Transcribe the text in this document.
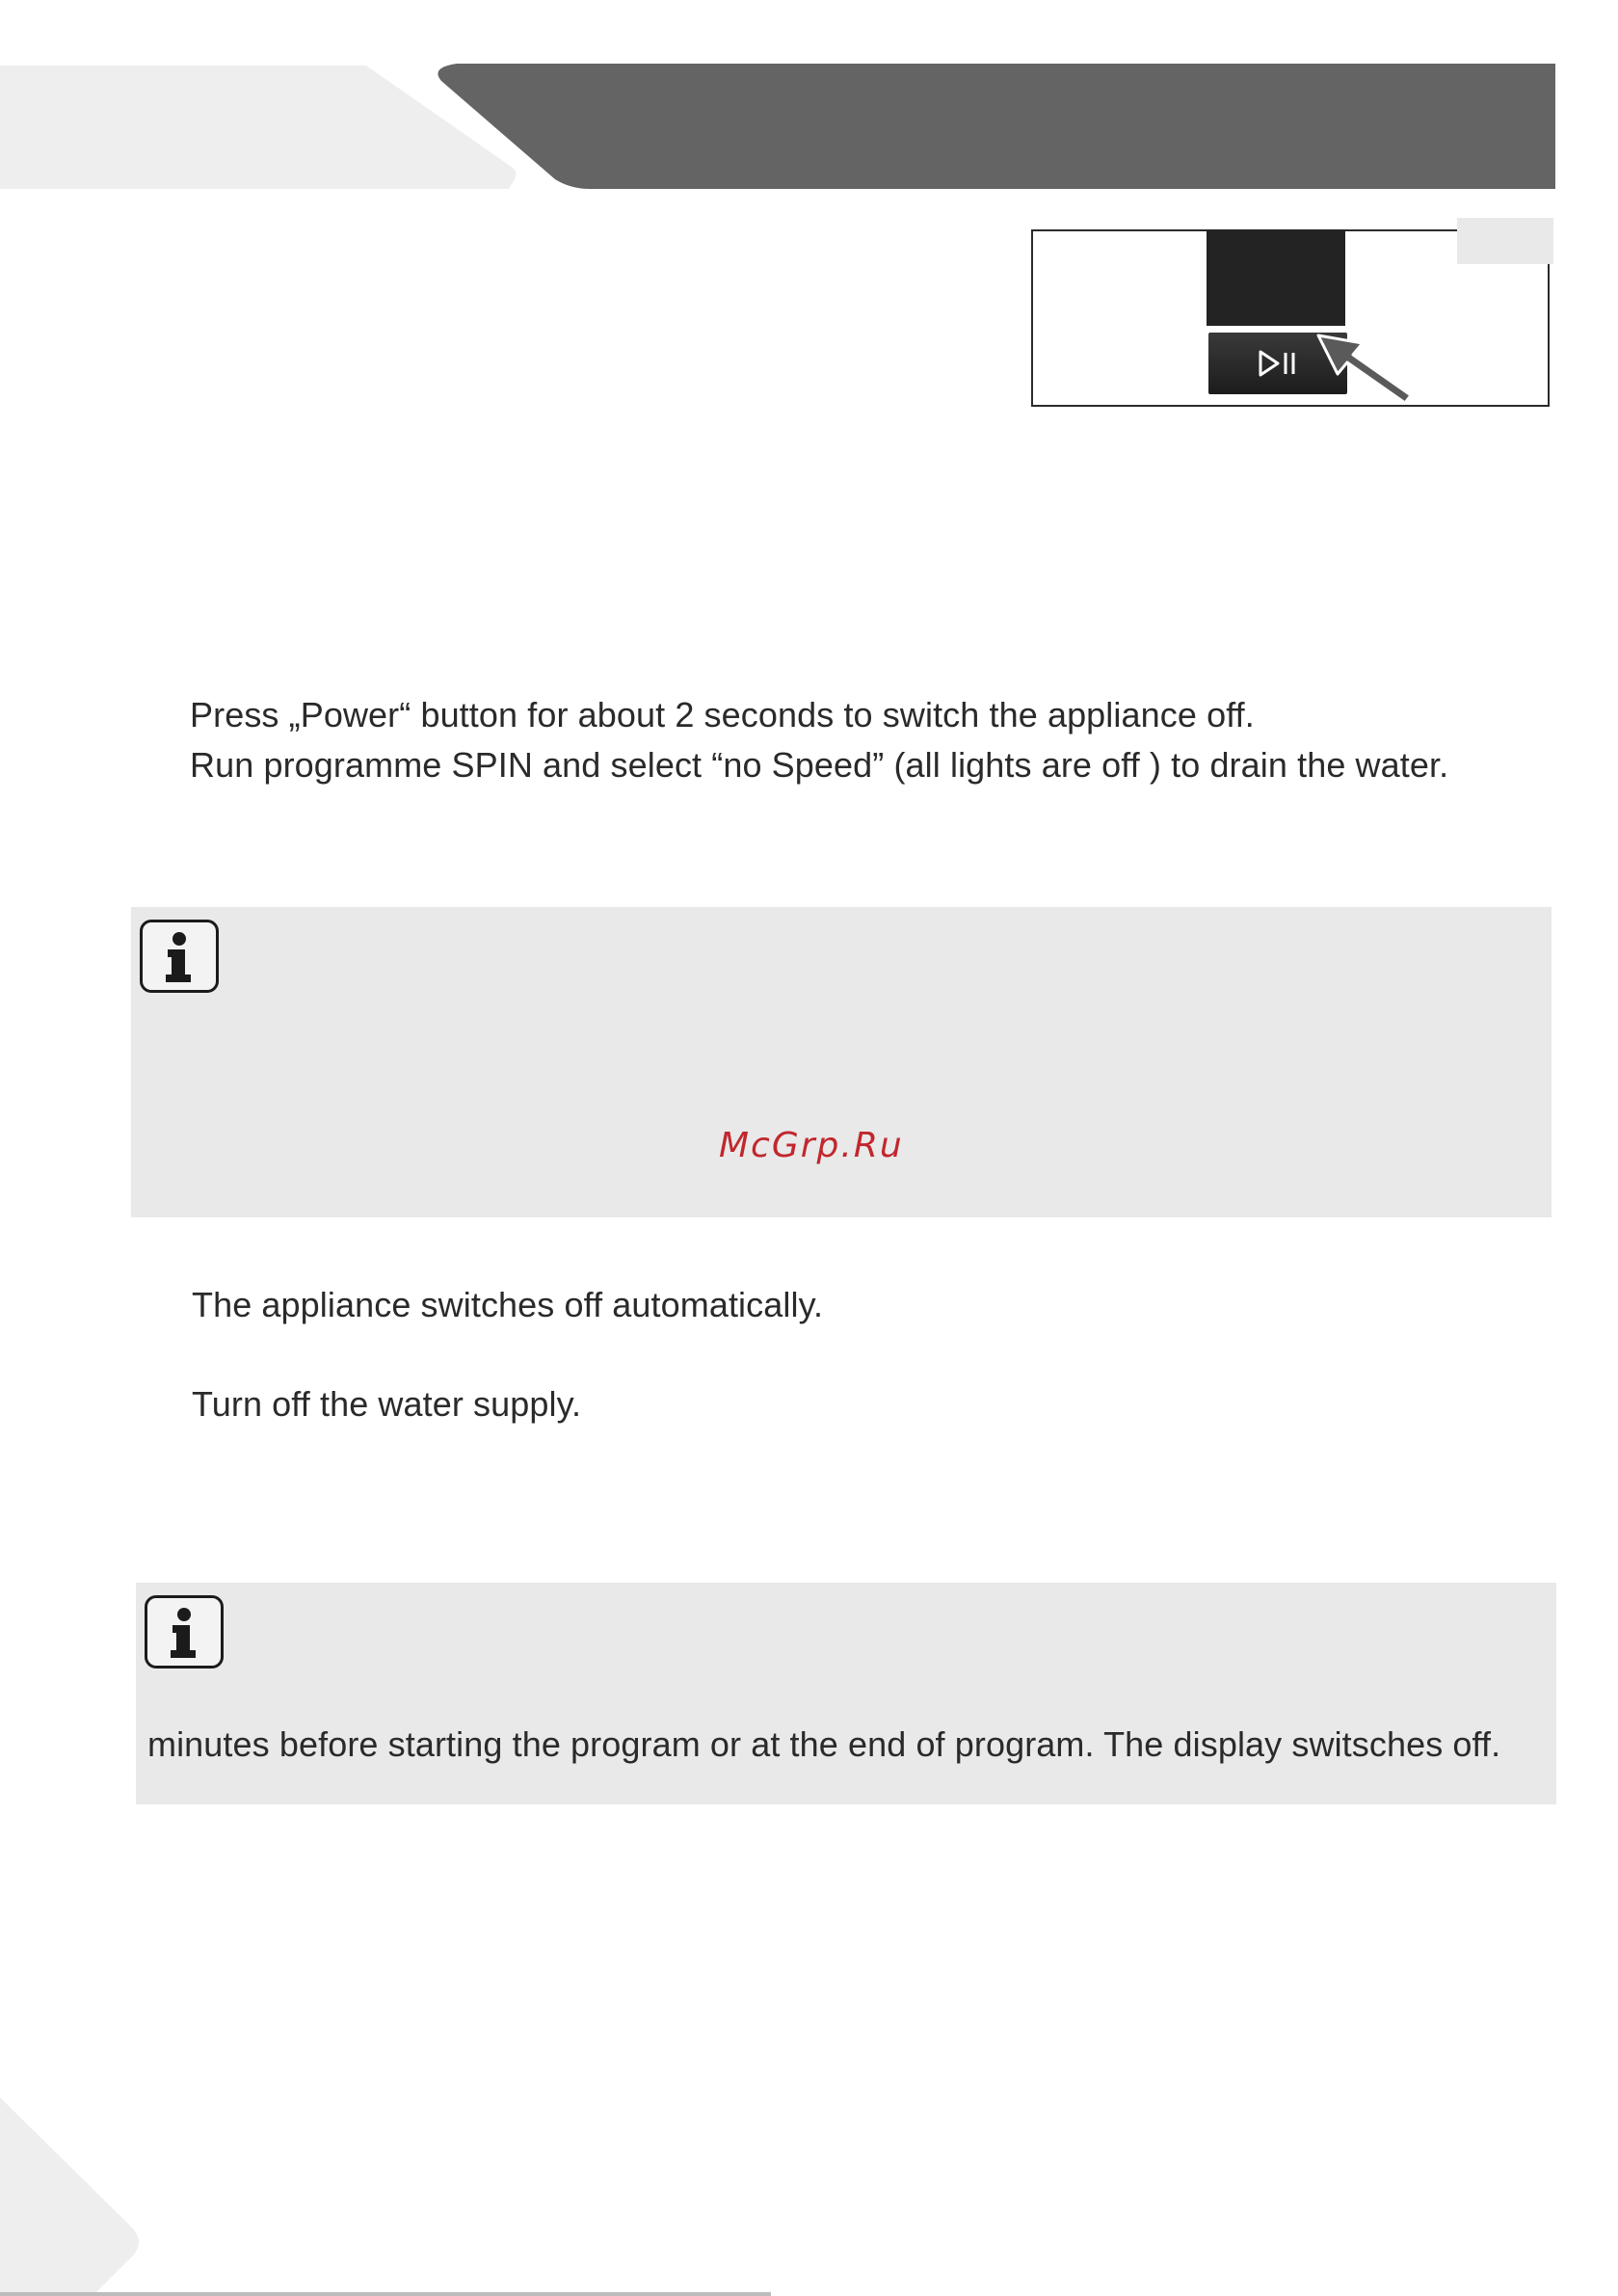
Press „Power“ button for about 2 seconds to switch the appliance off.
Run programme SPIN and select “no Speed” (all lights are off ) to drain the water.
McGrp.Ru
The appliance switches off automatically.
Turn off the water supply.
minutes before starting the program or at the end of program. The display switsches off.
